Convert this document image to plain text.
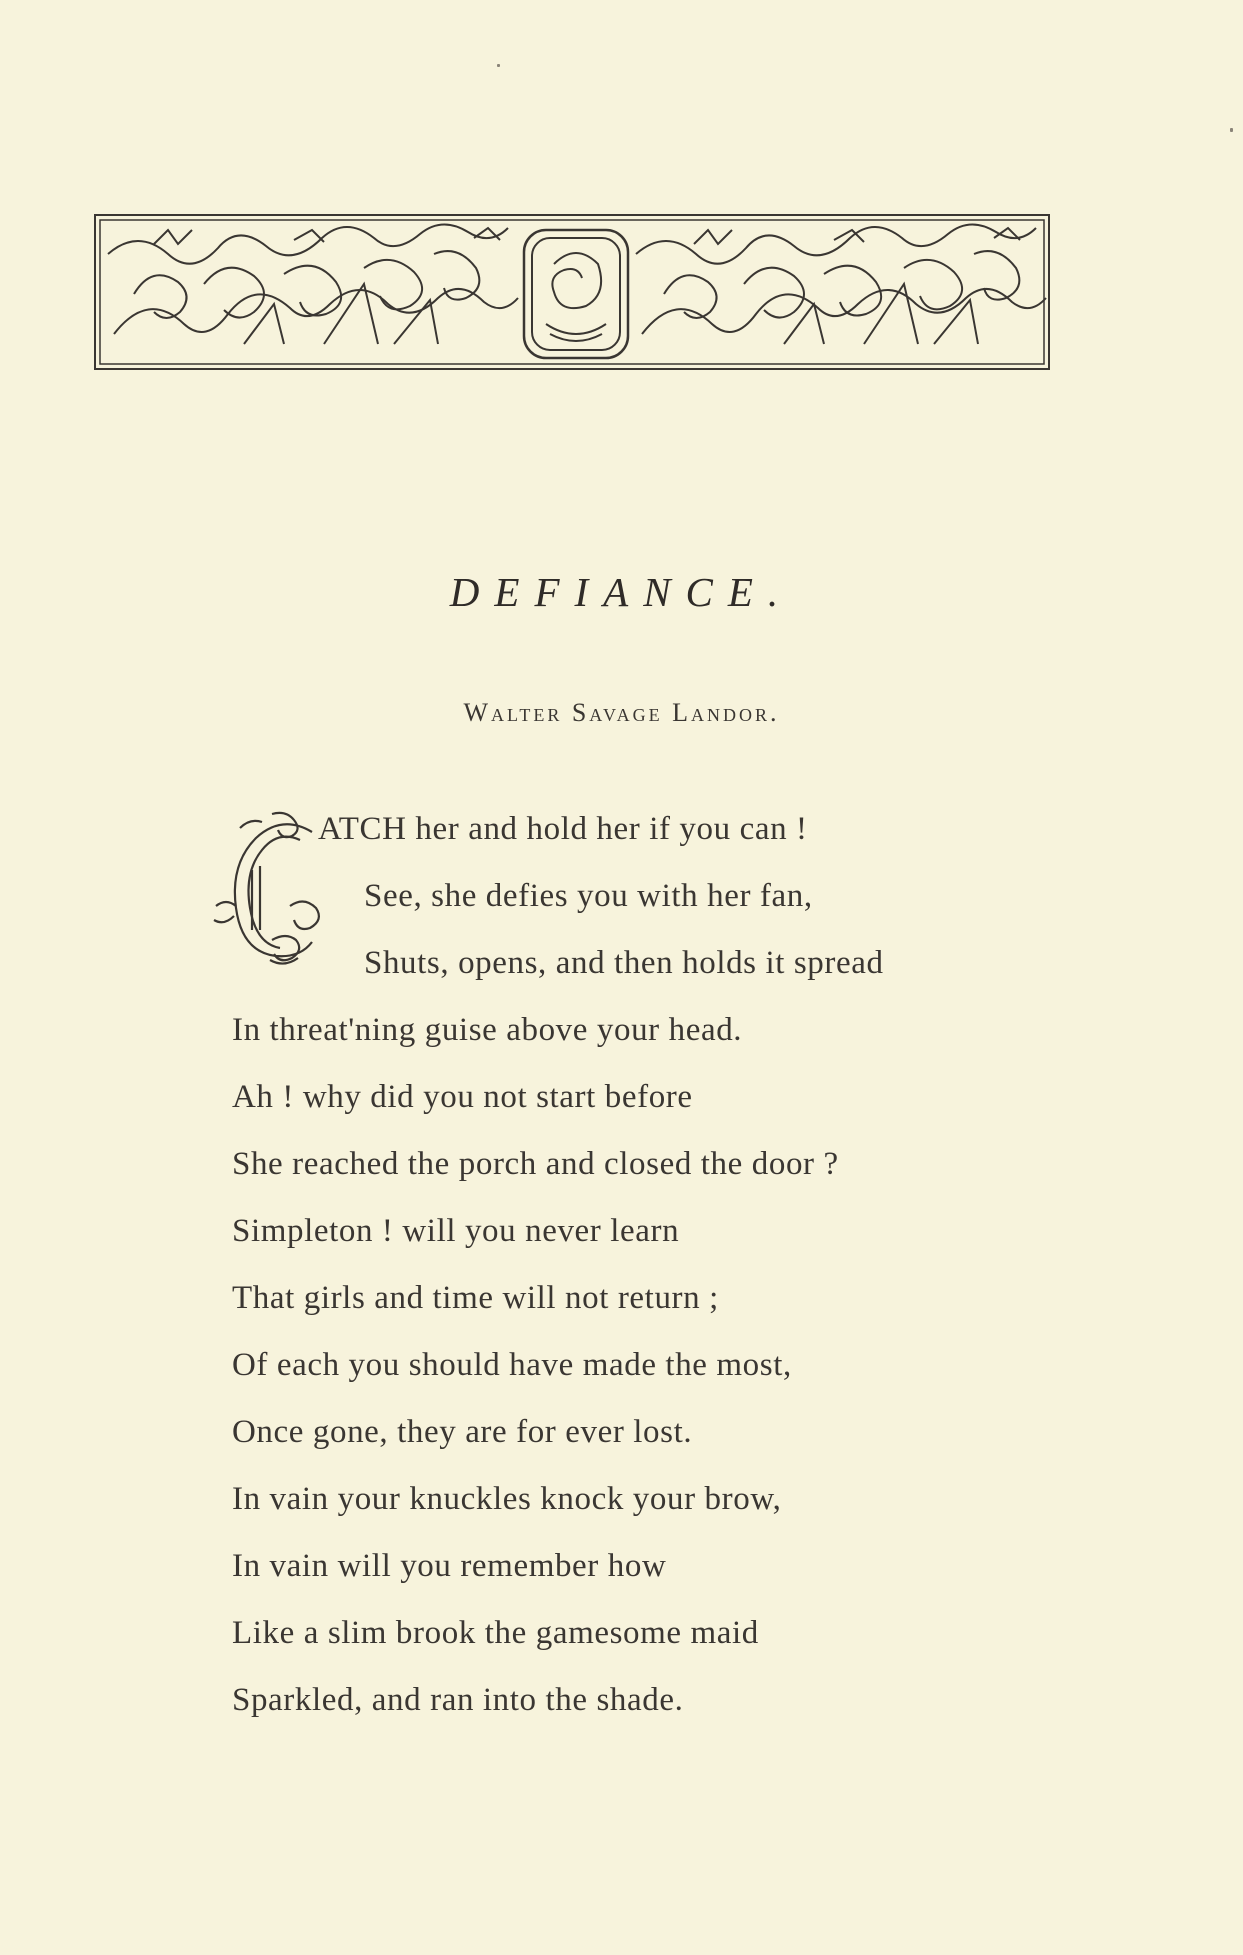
DEFIANCE.
Walter Savage Landor.
ATCH her and hold her if you can !
See, she defies you with her fan,
Shuts, opens, and then holds it spread
In threat'ning guise above your head.
Ah ! why did you not start before
She reached the porch and closed the door ?
Simpleton ! will you never learn
That girls and time will not return ;
Of each you should have made the most,
Once gone, they are for ever lost.
In vain your knuckles knock your brow,
In vain will you remember how
Like a slim brook the gamesome maid
Sparkled, and ran into the shade.
